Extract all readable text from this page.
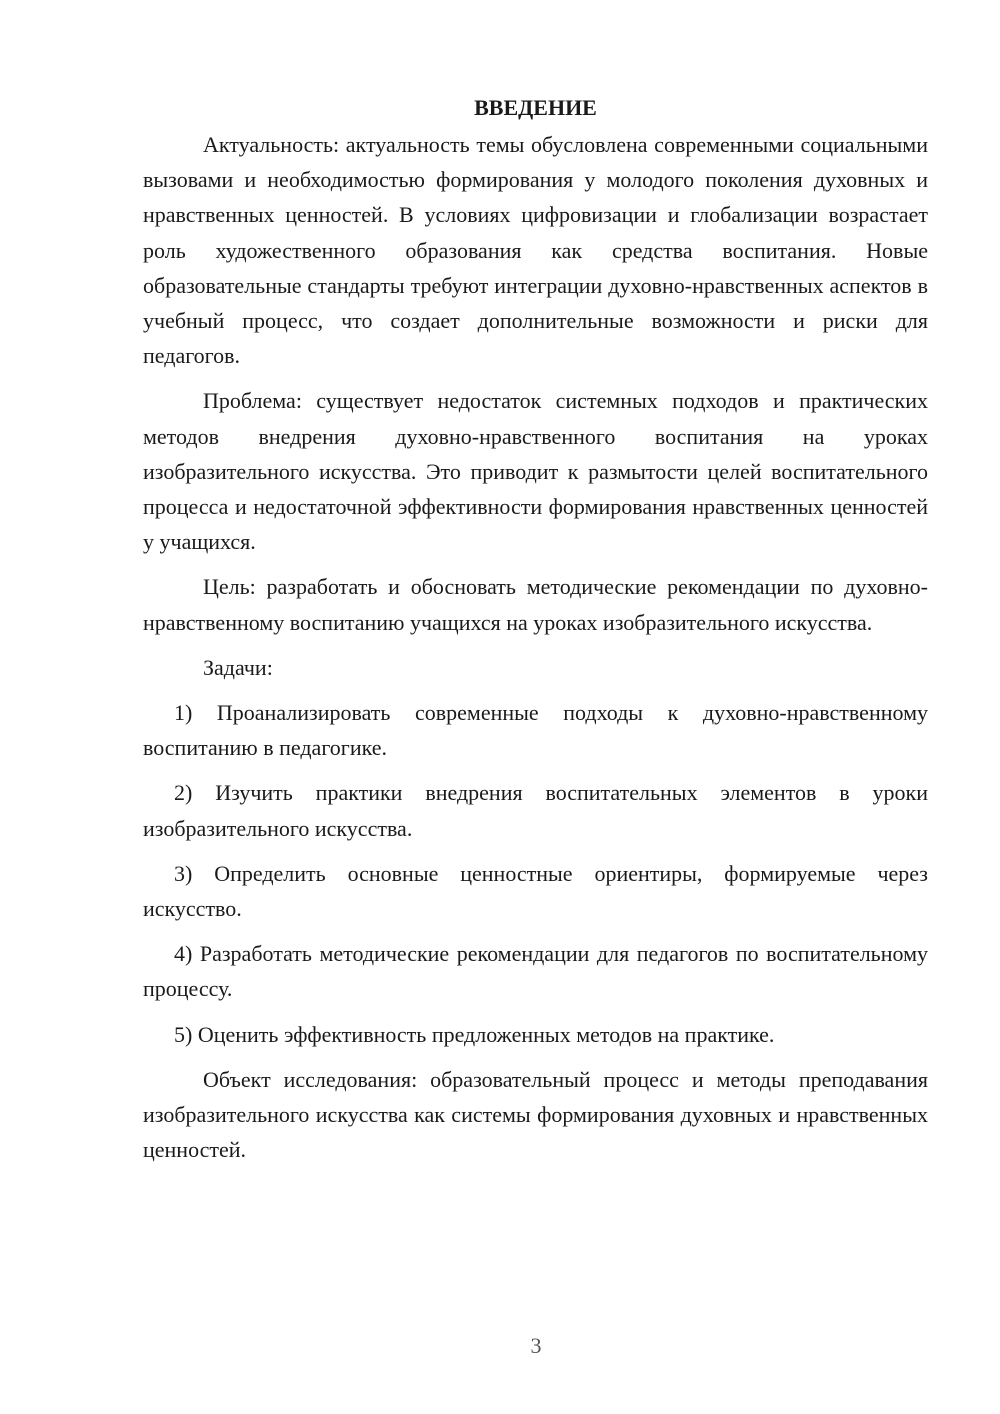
ВВЕДЕНИЕ

Актуальность: актуальность темы обусловлена современными социальными вызовами и необходимостью формирования у молодого поколения духовных и нравственных ценностей. В условиях цифровизации и глобализации возрастает роль художественного образования как средства воспитания. Новые образовательные стандарты требуют интеграции духовно-нравственных аспектов в учебный процесс, что создает дополнительные возможности и риски для педагогов.

Проблема: существует недостаток системных подходов и практических методов внедрения духовно-нравственного воспитания на уроках изобразительного искусства. Это приводит к размытости целей воспитательного процесса и недостаточной эффективности формирования нравственных ценностей у учащихся.

Цель: разработать и обосновать методические рекомендации по духовно-нравственному воспитанию учащихся на уроках изобразительного искусства.

Задачи:

1) Проанализировать современные подходы к духовно-нравственному воспитанию в педагогике.

2) Изучить практики внедрения воспитательных элементов в уроки изобразительного искусства.

3) Определить основные ценностные ориентиры, формируемые через искусство.

4) Разработать методические рекомендации для педагогов по воспитательному процессу.

5) Оценить эффективность предложенных методов на практике.

Объект исследования: образовательный процесс и методы преподавания изобразительного искусства как системы формирования духовных и нравственных ценностей.

3
